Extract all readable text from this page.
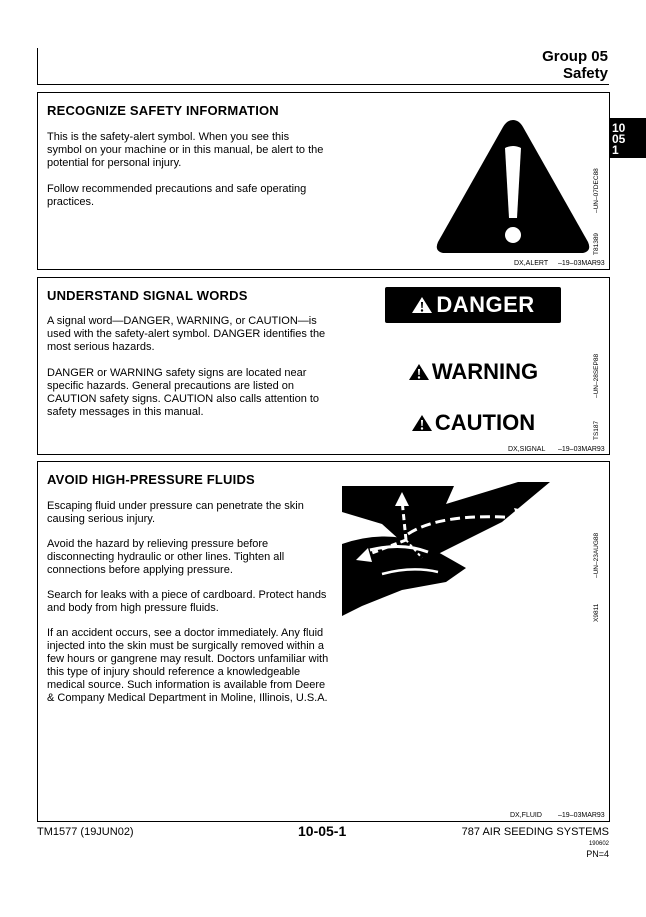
Group 05
Safety
10
05
1
RECOGNIZE SAFETY INFORMATION
This is the safety-alert symbol. When you see this symbol on your machine or in this manual, be alert to the potential for personal injury.
Follow recommended precautions and safe operating practices.	–UN–07DEC88
T81389
DX,ALERT –19–03MAR93
UNDERSTAND SIGNAL WORDS
A signal word—DANGER, WARNING, or CAUTION—is used with the safety-alert symbol. DANGER identifies the most serious hazards.
DANGER or WARNING safety signs are located near specific hazards. General precautions are listed on CAUTION safety signs. CAUTION also calls attention to safety messages in this manual.
DANGER
WARNING
CAUTION
–UN–28SEP88
TS187
DX,SIGNAL –19–03MAR93
AVOID HIGH-PRESSURE FLUIDS
Escaping fluid under pressure can penetrate the skin causing serious injury.
Avoid the hazard by relieving pressure before disconnecting hydraulic or other lines. Tighten all connections before applying pressure.
Search for leaks with a piece of cardboard. Protect hands and body from high pressure fluids.
If an accident occurs, see a doctor immediately. Any fluid injected into the skin must be surgically removed within a few hours or gangrene may result. Doctors unfamiliar with this type of injury should reference a knowledgeable medical source. Such information is available from Deere & Company Medical Department in Moline, Illinois, U.S.A.
–UN–23AUG88
X9811
DX,FLUID –19–03MAR93
TM1577 (19JUN02)	10-05-1	787 AIR SEEDING SYSTEMS
190602
PN=4
